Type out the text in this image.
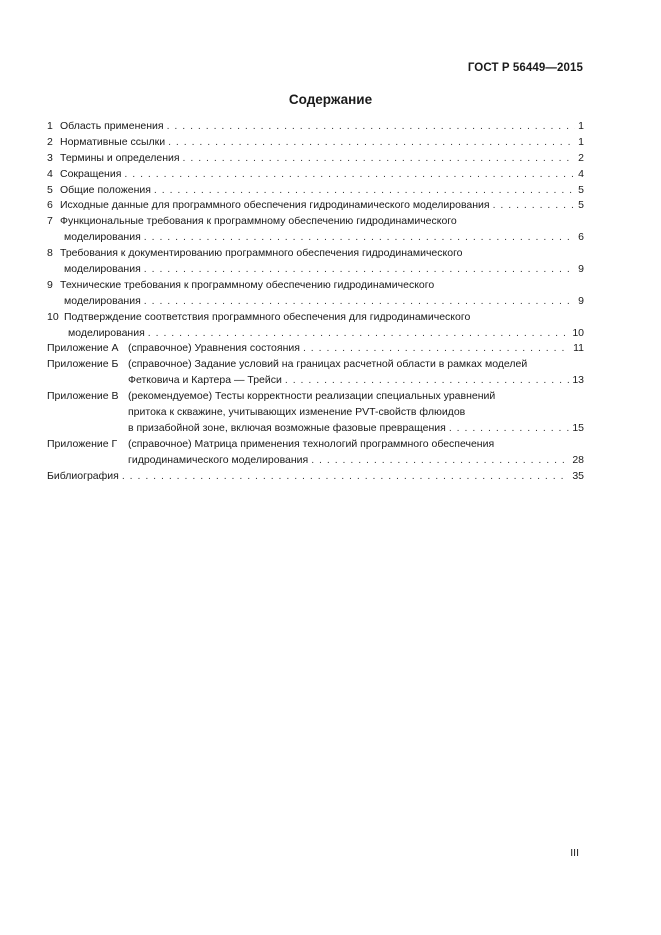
ГОСТ Р 56449—2015
Содержание
1 Область применения . . .	1
2 Нормативные ссылки . . .	1
3 Термины и определения . . .	2
4 Сокращения . . .	4
5 Общие положения . . .	5
6 Исходные данные для программного обеспечения гидродинамического моделирования . . .	5
7 Функциональные требования к программному обеспечению гидродинамического
моделирования . . .	6
8 Требования к документированию программного обеспечения гидродинамического
моделирования . . .	9
9 Технические требования к программному обеспечению гидродинамического
моделирования . . .	9
10 Подтверждение соответствия программного обеспечения для гидродинамического
моделирования . . .	10
Приложение А (справочное) Уравнения состояния . . .	11
Приложение Б (справочное) Задание условий на границах расчетной области в рамках моделей
Фетковича и Картера — Трейси . . .	13
Приложение В (рекомендуемое) Тесты корректности реализации специальных уравнений
притока к скважине, учитывающих изменение PVT-свойств флюидов
в призабойной зоне, включая возможные фазовые превращения . . .	15
Приложение Г	(справочное) Матрица применения технологий программного обеспечения
гидродинамического моделирования . . .	28
Библиография . . .	35
III
